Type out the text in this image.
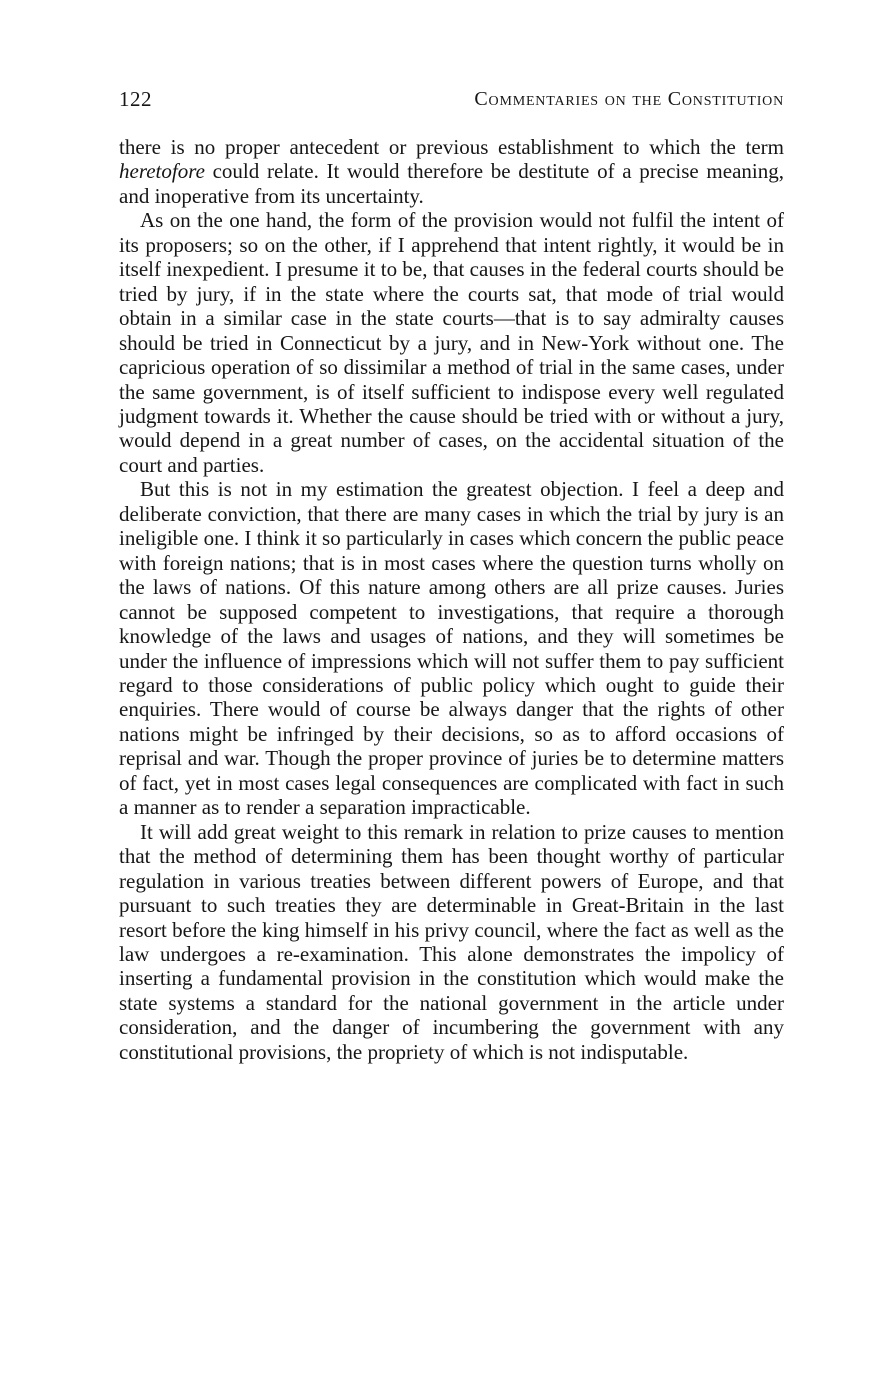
122	Commentaries on the Constitution

there is no proper antecedent or previous establishment to which the term heretofore could relate. It would therefore be destitute of a precise meaning, and inoperative from its uncertainty.

As on the one hand, the form of the provision would not fulfil the intent of its proposers; so on the other, if I apprehend that intent rightly, it would be in itself inexpedient. I presume it to be, that causes in the federal courts should be tried by jury, if in the state where the courts sat, that mode of trial would obtain in a similar case in the state courts—that is to say admiralty causes should be tried in Connecticut by a jury, and in New-York without one. The capricious operation of so dissimilar a method of trial in the same cases, under the same government, is of itself sufficient to indispose every well regulated judgment towards it. Whether the cause should be tried with or without a jury, would depend in a great number of cases, on the accidental situation of the court and parties.

But this is not in my estimation the greatest objection. I feel a deep and deliberate conviction, that there are many cases in which the trial by jury is an ineligible one. I think it so particularly in cases which concern the public peace with foreign nations; that is in most cases where the question turns wholly on the laws of nations. Of this nature among others are all prize causes. Juries cannot be supposed competent to investigations, that require a thorough knowledge of the laws and usages of nations, and they will sometimes be under the influence of impressions which will not suffer them to pay sufficient regard to those considerations of public policy which ought to guide their enquiries. There would of course be always danger that the rights of other nations might be infringed by their decisions, so as to afford occasions of reprisal and war. Though the proper province of juries be to determine matters of fact, yet in most cases legal consequences are complicated with fact in such a manner as to render a separation impracticable.

It will add great weight to this remark in relation to prize causes to mention that the method of determining them has been thought worthy of particular regulation in various treaties between different powers of Europe, and that pursuant to such treaties they are determinable in Great-Britain in the last resort before the king himself in his privy council, where the fact as well as the law undergoes a re-examination. This alone demonstrates the impolicy of inserting a fundamental provision in the constitution which would make the state systems a standard for the national government in the article under consideration, and the danger of incumbering the government with any constitutional provisions, the propriety of which is not indisputable.
